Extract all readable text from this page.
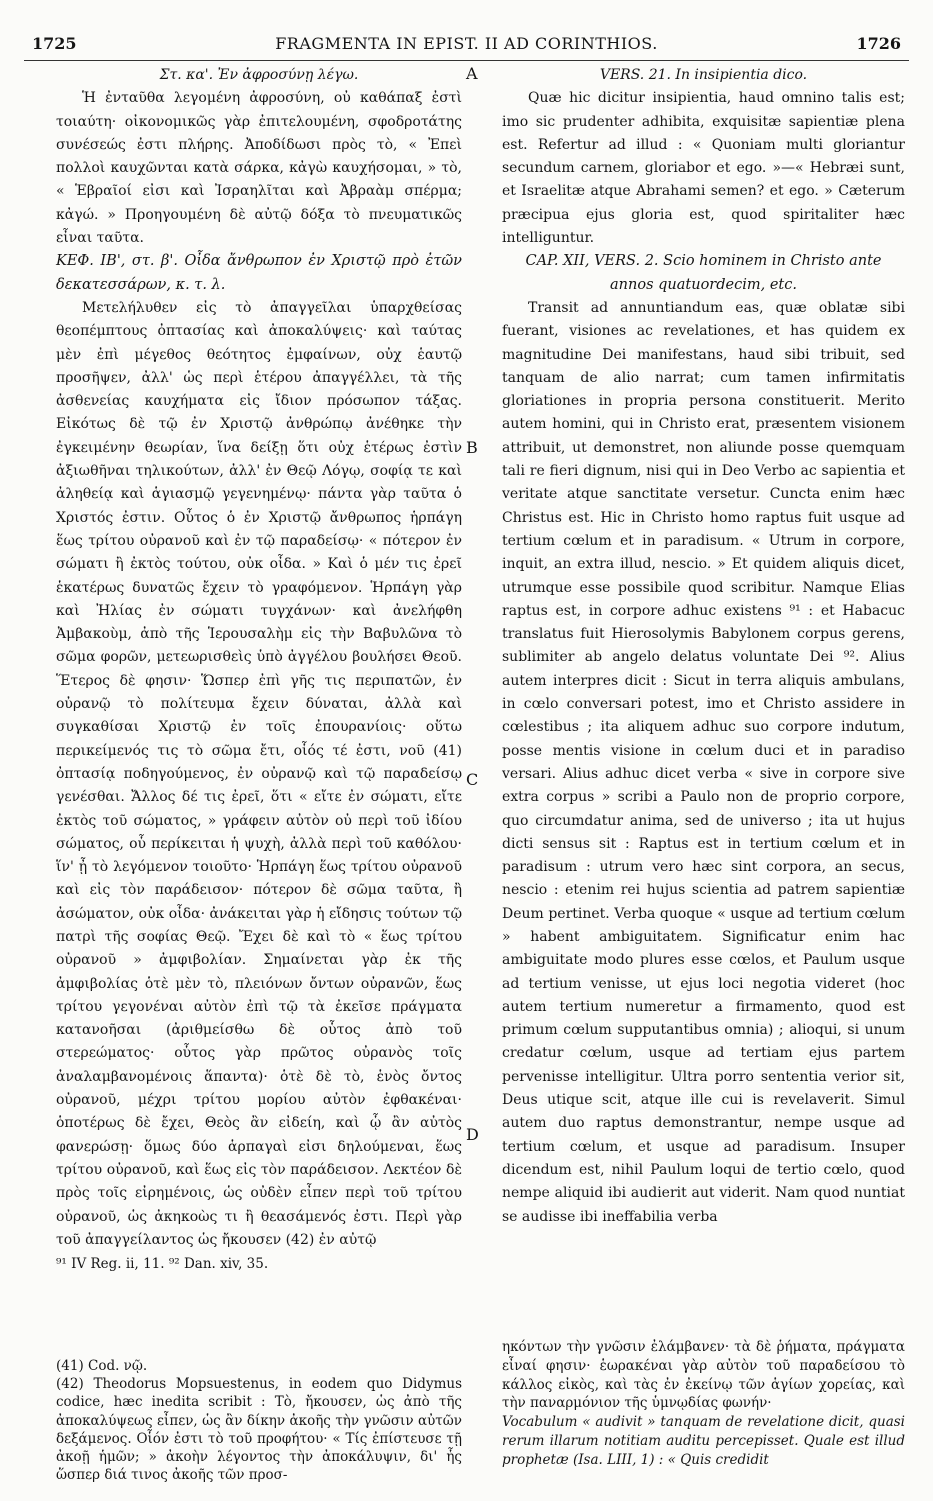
1725	FRAGMENTA IN EPIST. II AD CORINTHIOS.	1726
A
B
C
D

Στ. κα'. Ἐν ἀφροσύνῃ λέγω.

Ἡ ἐνταῦθα λεγομένη ἀφροσύνη, οὐ καθάπαξ ἐστὶ τοιαύτη· οἰκονομικῶς γὰρ ἐπιτελουμένη, σφοδροτάτης συνέσεώς ἐστι πλήρης. Ἀποδίδωσι πρὸς τὸ, « Ἐπεὶ πολλοὶ καυχῶνται κατὰ σάρκα, κἀγὼ καυχήσομαι, » τὸ, « Ἑβραῖοί εἰσι καὶ Ἰσραηλῖται καὶ Ἀβραὰμ σπέρμα; κἀγώ. » Προηγουμένη δὲ αὐτῷ δόξα τὸ πνευματικῶς εἶναι ταῦτα.

ΚΕΦ. ΙΒ', στ. β'. Οἶδα ἄνθρωπον ἐν Χριστῷ πρὸ ἐτῶν δεκατεσσάρων, κ. τ. λ.

Μετελήλυθεν εἰς τὸ ἀπαγγεῖλαι ὑπαρχθείσας θεοπέμπτους ὀπτασίας καὶ ἀποκαλύψεις· καὶ ταύτας μὲν ἐπὶ μέγεθος θεότητος ἐμφαίνων, οὐχ ἑαυτῷ προσῆψεν, ἀλλ' ὡς περὶ ἑτέρου ἀπαγγέλλει, τὰ τῆς ἀσθενείας καυχήματα εἰς ἴδιον πρόσωπον τάξας. Εἰκότως δὲ τῷ ἐν Χριστῷ ἀνθρώπῳ ἀνέθηκε τὴν ἐγκειμένην θεωρίαν, ἵνα δείξῃ ὅτι οὐχ ἑτέρως ἐστὶν ἀξιωθῆναι τηλικούτων, ἀλλ' ἐν Θεῷ Λόγῳ, σοφίᾳ τε καὶ ἀληθείᾳ καὶ ἁγιασμῷ γεγενημένῳ· πάντα γὰρ ταῦτα ὁ Χριστός ἐστιν. Οὗτος ὁ ἐν Χριστῷ ἄνθρωπος ἡρπάγη ἕως τρίτου οὐρανοῦ καὶ ἐν τῷ παραδείσῳ· « πότερον ἐν σώματι ἢ ἐκτὸς τούτου, οὐκ οἶδα. » Καὶ ὁ μέν τις ἐρεῖ ἑκατέρως δυνατῶς ἔχειν τὸ γραφόμενον. Ἡρπάγη γὰρ καὶ Ἠλίας ἐν σώματι τυγχάνων· καὶ ἀνελήφθη Ἀμβακοὺμ, ἀπὸ τῆς Ἱερουσαλὴμ εἰς τὴν Βαβυλῶνα τὸ σῶμα φορῶν, μετεωρισθεὶς ὑπὸ ἀγγέλου βουλήσει Θεοῦ. Ἕτερος δὲ φησιν· Ὥσπερ ἐπὶ γῆς τις περιπατῶν, ἐν οὐρανῷ τὸ πολίτευμα ἔχειν δύναται, ἀλλὰ καὶ συγκαθίσαι Χριστῷ ἐν τοῖς ἐπουρανίοις· οὕτω περικείμενός τις τὸ σῶμα ἔτι, οἷός τέ ἐστι, νοῦ (41) ὀπτασίᾳ ποδηγούμενος, ἐν οὐρανῷ καὶ τῷ παραδείσῳ γενέσθαι. Ἄλλος δέ τις ἐρεῖ, ὅτι « εἴτε ἐν σώματι, εἴτε ἐκτὸς τοῦ σώματος, » γράφειν αὐτὸν οὐ περὶ τοῦ ἰδίου σώματος, οὗ περίκειται ἡ ψυχὴ, ἀλλὰ περὶ τοῦ καθόλου· ἵν' ᾖ τὸ λεγόμενον τοιοῦτο· Ἡρπάγη ἕως τρίτου οὐρανοῦ καὶ εἰς τὸν παράδεισον· πότερον δὲ σῶμα ταῦτα, ἢ ἀσώματον, οὐκ οἶδα· ἀνάκειται γὰρ ἡ εἴδησις τούτων τῷ πατρὶ τῆς σοφίας Θεῷ. Ἔχει δὲ καὶ τὸ « ἕως τρίτου οὐρανοῦ » ἀμφιβολίαν. Σημαίνεται γὰρ ἐκ τῆς ἀμφιβολίας ὁτὲ μὲν τὸ, πλειόνων ὄντων οὐρανῶν, ἕως τρίτου γεγονέναι αὐτὸν ἐπὶ τῷ τὰ ἐκεῖσε πράγματα κατανοῆσαι (ἀριθμείσθω δὲ οὗτος ἀπὸ τοῦ στερεώματος· οὗτος γὰρ πρῶτος οὐρανὸς τοῖς ἀναλαμβανομένοις ἅπαντα)· ὁτὲ δὲ τὸ, ἑνὸς ὄντος οὐρανοῦ, μέχρι τρίτου μορίου αὐτὸν ἐφθακέναι· ὁποτέρως δὲ ἔχει, Θεὸς ἂν εἰδείη, καὶ ᾧ ἂν αὐτὸς φανερώσῃ· ὅμως δύο ἁρπαγαὶ εἰσι δηλούμεναι, ἕως τρίτου οὐρανοῦ, καὶ ἕως εἰς τὸν παράδεισον. Λεκτέον δὲ πρὸς τοῖς εἰρημένοις, ὡς οὐδὲν εἶπεν περὶ τοῦ τρίτου οὐρανοῦ, ὡς ἀκηκοὼς τι ἢ θεασάμενός ἐστι. Περὶ γὰρ τοῦ ἀπαγγείλαντος ὡς ἤκουσεν (42) ἐν αὐτῷ

⁹¹ IV Reg. ii, 11. ⁹² Dan. xiv, 35.

VERS. 21. In insipientia dico.

Quæ hic dicitur insipientia, haud omnino talis est; imo sic prudenter adhibita, exquisitæ sapientiæ plena est. Refertur ad illud : « Quoniam multi gloriantur secundum carnem, gloriabor et ego. »—« Hebræi sunt, et Israelitæ atque Abrahami semen? et ego. » Cæterum præcipua ejus gloria est, quod spiritaliter hæc intelliguntur.

CAP. XII, VERS. 2. Scio hominem in Christo ante annos quatuordecim, etc.

Transit ad annuntiandum eas, quæ oblatæ sibi fuerant, visiones ac revelationes, et has quidem ex magnitudine Dei manifestans, haud sibi tribuit, sed tanquam de alio narrat; cum tamen infirmitatis gloriationes in propria persona constituerit. Merito autem homini, qui in Christo erat, præsentem visionem attribuit, ut demonstret, non aliunde posse quemquam tali re fieri dignum, nisi qui in Deo Verbo ac sapientia et veritate atque sanctitate versetur. Cuncta enim hæc Christus est. Hic in Christo homo raptus fuit usque ad tertium cœlum et in paradisum. « Utrum in corpore, inquit, an extra illud, nescio. » Et quidem aliquis dicet, utrumque esse possibile quod scribitur. Namque Elias raptus est, in corpore adhuc existens ⁹¹ : et Habacuc translatus fuit Hierosolymis Babylonem corpus gerens, sublimiter ab angelo delatus voluntate Dei ⁹². Alius autem interpres dicit : Sicut in terra aliquis ambulans, in cœlo conversari potest, imo et Christo assidere in cœlestibus ; ita aliquem adhuc suo corpore indutum, posse mentis visione in cœlum duci et in paradiso versari. Alius adhuc dicet verba « sive in corpore sive extra corpus » scribi a Paulo non de proprio corpore, quo circumdatur anima, sed de universo ; ita ut hujus dicti sensus sit : Raptus est in tertium cœlum et in paradisum : utrum vero hæc sint corpora, an secus, nescio : etenim rei hujus scientia ad patrem sapientiæ Deum pertinet. Verba quoque « usque ad tertium cœlum » habent ambiguitatem. Significatur enim hac ambiguitate modo plures esse cœlos, et Paulum usque ad tertium venisse, ut ejus loci negotia videret (hoc autem tertium numeretur a firmamento, quod est primum cœlum supputantibus omnia) ; alioqui, si unum credatur cœlum, usque ad tertiam ejus partem pervenisse intelligitur. Ultra porro sententia verior sit, Deus utique scit, atque ille cui is revelaverit. Simul autem duo raptus demonstrantur, nempe usque ad tertium cœlum, et usque ad paradisum. Insuper dicendum est, nihil Paulum loqui de tertio cœlo, quod nempe aliquid ibi audierit aut viderit. Nam quod nuntiat se audisse ibi ineffabilia verba

(41) Cod. νῷ.

(42) Theodorus Mopsuestenus, in eodem quo Didymus codice, hæc inedita scribit : Τὸ, ἤκουσεν, ὡς ἀπὸ τῆς ἀποκαλύψεως εἶπεν, ὡς ἂν δίκην ἀκοῆς τὴν γνῶσιν αὐτῶν δεξάμενος. Οἷόν ἐστι τὸ τοῦ προφήτου· « Τίς ἐπίστευσε τῇ ἀκοῇ ἡμῶν; » ἀκοὴν λέγοντος τὴν ἀποκάλυψιν, δι' ἧς ὥσπερ διά τινος ἀκοῆς τῶν προσ-

ηκόντων τὴν γνῶσιν ἐλάμβανεν· τὰ δὲ ῥήματα, πράγματα εἶναί φησιν· ἑωρακέναι γὰρ αὐτὸν τοῦ παραδείσου τὸ κάλλος εἰκὸς, καὶ τὰς ἐν ἐκείνῳ τῶν ἁγίων χορείας, καὶ τὴν παναρμόνιον τῆς ὑμνῳδίας φωνήν·

Vocabulum « audivit » tanquam de revelatione dicit, quasi rerum illarum notitiam auditu percepisset. Quale est illud prophetæ (Isa. LIII, 1) : « Quis credidit
